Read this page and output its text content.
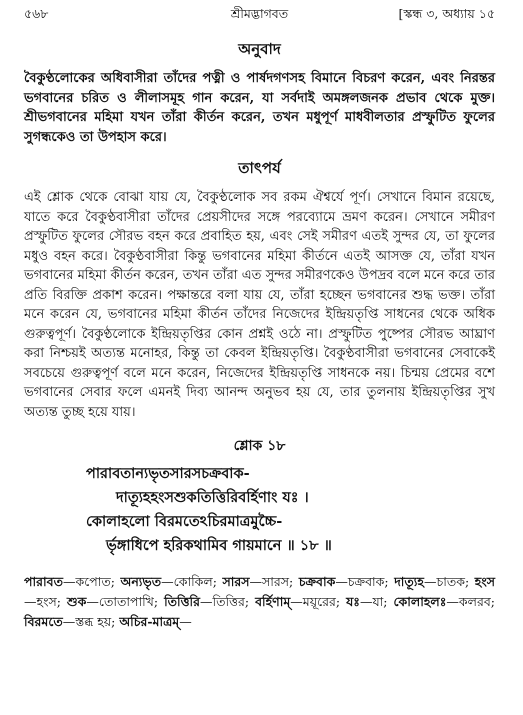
৫৬৮	শ্রীমদ্ভাগবত	[স্কন্ধ ৩, অধ্যায় ১৫
অনুবাদ

বৈকুণ্ঠলোকের অধিবাসীরা তাঁদের পত্নী ও পার্ষদগণসহ বিমানে বিচরণ করেন, এবং নিরন্তর ভগবানের চরিত ও লীলাসমূহ গান করেন, যা সর্বদাই অমঙ্গলজনক প্রভাব থেকে মুক্ত। শ্রীভগবানের মহিমা যখন তাঁরা কীর্তন করেন, তখন মধুপূর্ণ মাধবীলতার প্রস্ফুটিত ফুলের সুগন্ধকেও তা উপহাস করে।

তাৎপর্য

এই শ্লোক থেকে বোঝা যায় যে, বৈকুণ্ঠলোক সব রকম ঐশ্বর্যে পূর্ণ। সেখানে বিমান রয়েছে, যাতে করে বৈকুণ্ঠবাসীরা তাঁদের প্রেয়সীদের সঙ্গে পরব্যোমে ভ্রমণ করেন। সেখানে সমীরণ প্রস্ফুটিত ফুলের সৌরভ বহন করে প্রবাহিত হয়, এবং সেই সমীরণ এতই সুন্দর যে, তা ফুলের মধুও বহন করে। বৈকুণ্ঠবাসীরা কিন্তু ভগবানের মহিমা কীর্তনে এতই আসক্ত যে, তাঁরা যখন ভগবানের মহিমা কীর্তন করেন, তখন তাঁরা এত সুন্দর সমীরণকেও উপদ্রব বলে মনে করে তার প্রতি বিরক্তি প্রকাশ করেন। পক্ষান্তরে বলা যায় যে, তাঁরা হচ্ছেন ভগবানের শুদ্ধ ভক্ত। তাঁরা মনে করেন যে, ভগবানের মহিমা কীর্তন তাঁদের নিজেদের ইন্দ্রিয়তৃপ্তি সাধনের থেকে অধিক গুরুত্বপূর্ণ। বৈকুণ্ঠলোকে ইন্দ্রিয়তৃপ্তির কোন প্রশ্নই ওঠে না। প্রস্ফুটিত পুষ্পের সৌরভ আঘ্রাণ করা নিশ্চয়ই অত্যন্ত মনোহর, কিন্তু তা কেবল ইন্দ্রিয়তৃপ্তি। বৈকুণ্ঠবাসীরা ভগবানের সেবাকেই সবচেয়ে গুরুত্বপূর্ণ বলে মনে করেন, নিজেদের ইন্দ্রিয়তৃপ্তি সাধনকে নয়। চিন্ময় প্রেমের বশে ভগবানের সেবার ফলে এমনই দিব্য আনন্দ অনুভব হয় যে, তার তুলনায় ইন্দ্রিয়তৃপ্তির সুখ অত্যন্ত তুচ্ছ হয়ে যায়।

শ্লোক ১৮

পারাবতান্যভৃতসারসচক্রবাক-
দাত্যূহহংসশুকতিত্তিরিবর্হিণাং যঃ ।
কোলাহলো বিরমতেঽচিরমাত্রমুচ্চৈ-
র্ভৃঙ্গাধিপে হরিকথামিব গায়মানে ॥ ১৮ ॥

পারাবত—কপোত; অন্যভৃত—কোকিল; সারস—সারস; চক্রবাক—চক্রবাক; দাত্যূহ—চাতক; হংস—হংস; শুক—তোতাপাখি; তিত্তিরি—তিত্তির; বর্হিণাম্—ময়ূরের; যঃ—যা; কোলাহলঃ—কলরব; বিরমতে—স্তব্ধ হয়; অচির-মাত্রম্—
